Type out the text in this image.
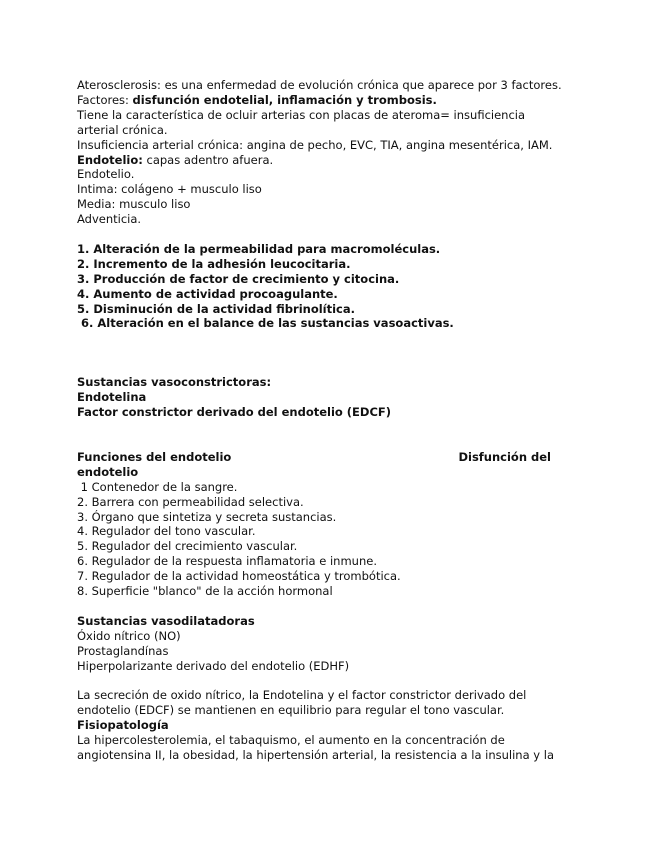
Aterosclerosis: es una enfermedad de evolución crónica que aparece por 3 factores.
Factores: disfunción endotelial, inflamación y trombosis.
Tiene la característica de ocluir arterias con placas de ateroma= insuficiencia
arterial crónica.
Insuficiencia arterial crónica: angina de pecho, EVC, TIA, angina mesentérica, IAM.
Endotelio: capas adentro afuera.
Endotelio.
Intima: colágeno + musculo liso
Media: musculo liso
Adventicia.
1. Alteración de la permeabilidad para macromoléculas.
2. Incremento de la adhesión leucocitaria.
3. Producción de factor de crecimiento y citocina.
4. Aumento de actividad procoagulante.
5. Disminución de la actividad fibrinolítica.
6. Alteración en el balance de las sustancias vasoactivas.
Sustancias vasoconstrictoras:
Endotelina
Factor constrictor derivado del endotelio (EDCF)
Funciones del endotelio	Disfunción del
endotelio
1 Contenedor de la sangre.
2. Barrera con permeabilidad selectiva.
3. Órgano que sintetiza y secreta sustancias.
4. Regulador del tono vascular.
5. Regulador del crecimiento vascular.
6. Regulador de la respuesta inflamatoria e inmune.
7. Regulador de la actividad homeostática y trombótica.
8. Superficie "blanco" de la acción hormonal
Sustancias vasodilatadoras
Óxido nítrico (NO)
Prostaglandínas
Hiperpolarizante derivado del endotelio (EDHF)
La secreción de oxido nítrico, la Endotelina y el factor constrictor derivado del
endotelio (EDCF) se mantienen en equilibrio para regular el tono vascular.
Fisiopatología
La hipercolesterolemia, el tabaquismo, el aumento en la concentración de
angiotensina II, la obesidad, la hipertensión arterial, la resistencia a la insulina y la
